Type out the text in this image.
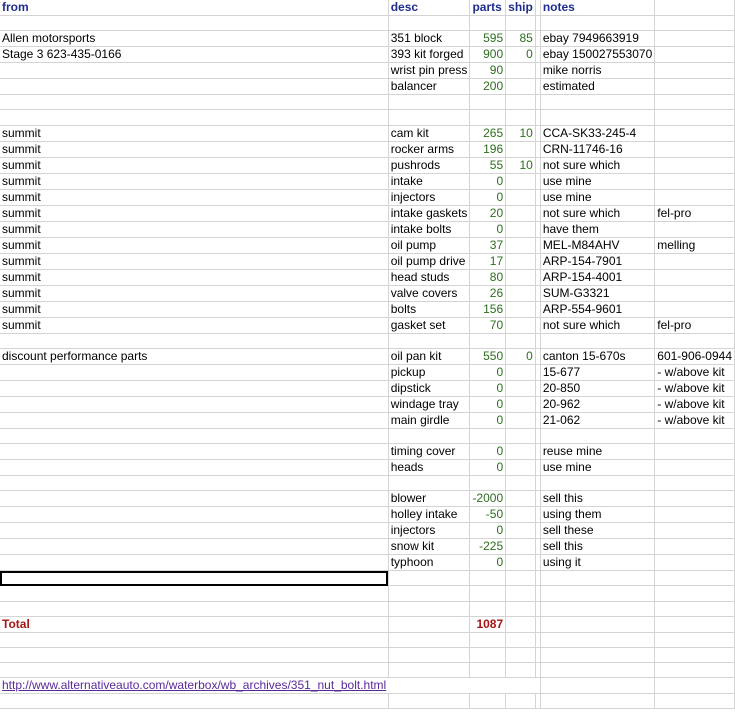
from	desc	parts	ship		notes	

Allen motorsports	351 block	595	85		ebay 7949663919	
Stage 3 623-435-0166	393 kit forged	900	0		ebay 150027553070	
	wrist pin press	90			mike norris	
	balancer	200			estimated	

summit	cam kit	265	10		CCA-SK33-245-4	
summit	rocker arms	196			CRN-11746-16	
summit	pushrods	55	10		not sure which	
summit	intake	0			use mine	
summit	injectors	0			use mine	
summit	intake gaskets	20			not sure which	fel-pro
summit	intake bolts	0			have them	
summit	oil pump	37			MEL-M84AHV	melling
summit	oil pump drive	17			ARP-154-7901	
summit	head studs	80			ARP-154-4001	
summit	valve covers	26			SUM-G3321	
summit	bolts	156			ARP-554-9601	
summit	gasket set	70			not sure which	fel-pro

discount performance parts	oil pan kit	550	0		canton 15-670s	601-906-0944
	pickup	0			15-677	- w/above kit
	dipstick	0			20-850	- w/above kit
	windage tray	0			20-962	- w/above kit
	main girdle	0			21-062	- w/above kit

	timing cover	0			reuse mine	
	heads	0			use mine	

	blower	-2000			sell this	
	holley intake	-50			using them	
	injectors	0			sell these	
	snow kit	-225			sell this	
	typhoon	0			using it	

Total		1087				

http://www.alternativeauto.com/waterbox/wb_archives/351_nut_bolt.html						
